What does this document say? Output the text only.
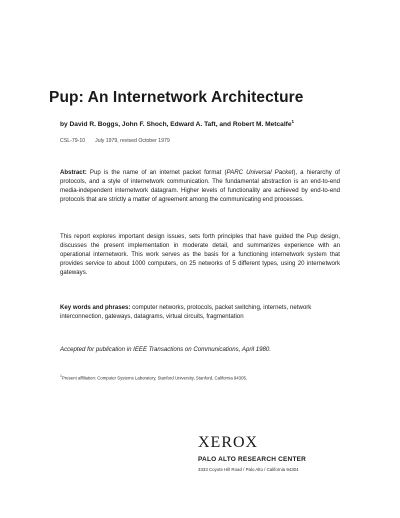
Pup: An Internetwork Architecture
by David R. Boggs, John F. Shoch, Edward A. Taft, and Robert M. Metcalfe$^1$
CSL-79-10 July 1979, revised October 1979

Abstract: Pup is the name of an internet packet format (PARC Universal Packet), a hierarchy of protocols, and a style of internetwork communication. The fundamental abstraction is an end-to-end media-independent internetwork datagram. Higher levels of functionality are achieved by end-to-end protocols that are strictly a matter of agreement among the communicating end processes.

This report explores important design issues, sets forth principles that have guided the Pup design, discusses the present implementation in moderate detail, and summarizes experience with an operational internetwork. This work serves as the basis for a functioning internetwork system that provides service to about 1000 computers, on 25 networks of 5 different types, using 20 internetwork gateways.

Key words and phrases: computer networks, protocols, packet switching, internets, network interconnection, gateways, datagrams, virtual circuits, fragmentation

Accepted for publication in IEEE Transactions on Communications, April 1980.
$^1$Present affiliation: Computer Systems Laboratory, Stanford University, Stanford, California 94305.
XEROX
PALO ALTO RESEARCH CENTER
3333 Coyote Hill Road / Palo Alto / California 94304
